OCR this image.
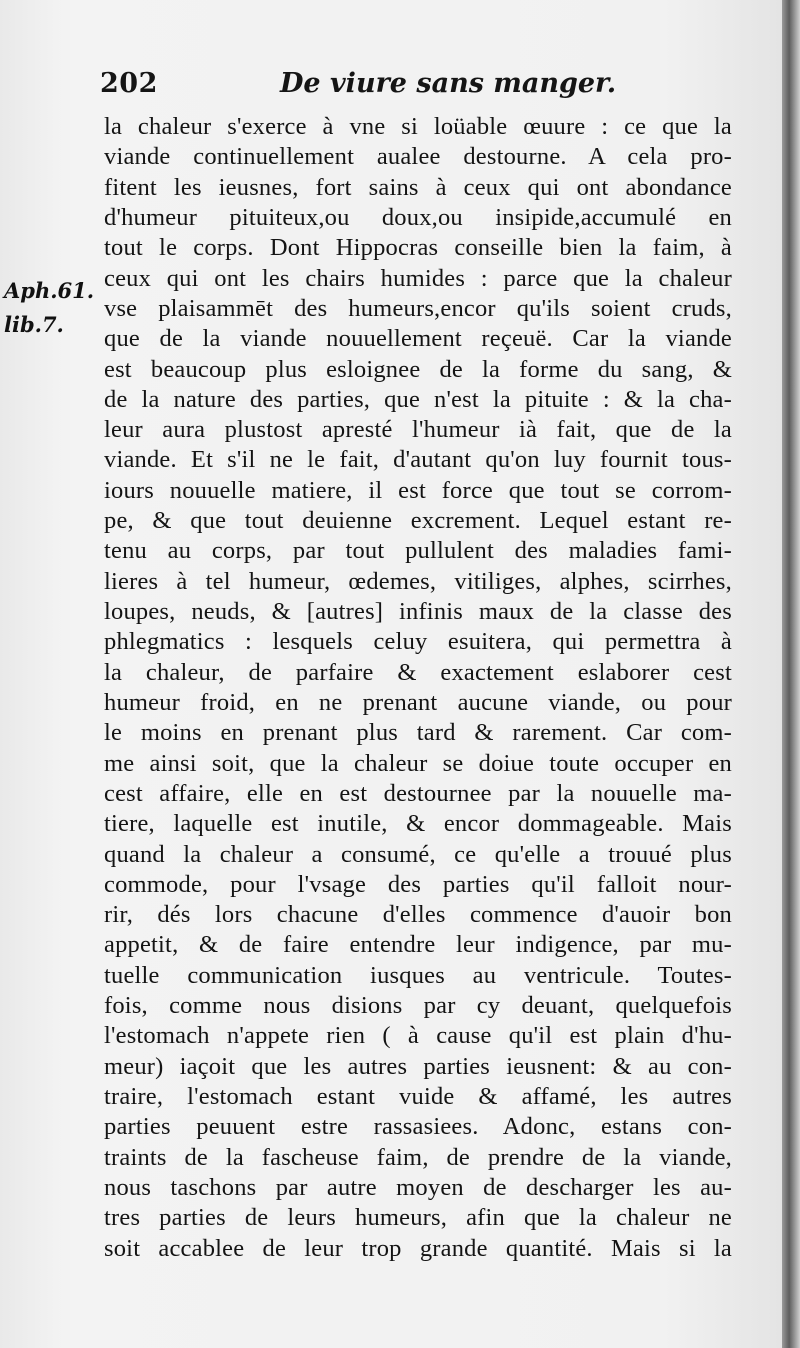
202	De viure sans manger.
Aph.61.
lib.7.
la chaleur s'exerce à vne si loüable œuure : ce que la
viande continuellement aualee destourne. A cela pro-
fitent les ieusnes, fort sains à ceux qui ont abondance
d'humeur pituiteux,ou doux,ou insipide,accumulé en
tout le corps. Dont Hippocras conseille bien la faim, à
ceux qui ont les chairs humides : parce que la chaleur
vse plaisammēt des humeurs,encor qu'ils soient cruds,
que de la viande nouuellement reçeuë. Car la viande
est beaucoup plus esloignee de la forme du sang, &
de la nature des parties, que n'est la pituite : & la cha-
leur aura plustost apresté l'humeur ià fait, que de la
viande. Et s'il ne le fait, d'autant qu'on luy fournit tous-
iours nouuelle matiere, il est force que tout se corrom-
pe, & que tout deuienne excrement. Lequel estant re-
tenu au corps, par tout pullulent des maladies fami-
lieres à tel humeur, œdemes, vitiliges, alphes, scirrhes,
loupes, neuds, & [autres] infinis maux de la classe des
phlegmatics : lesquels celuy esuitera, qui permettra à
la chaleur, de parfaire & exactement eslaborer cest
humeur froid, en ne prenant aucune viande, ou pour
le moins en prenant plus tard & rarement. Car com-
me ainsi soit, que la chaleur se doiue toute occuper en
cest affaire, elle en est destournee par la nouuelle ma-
tiere, laquelle est inutile, & encor dommageable. Mais
quand la chaleur a consumé, ce qu'elle a trouué plus
commode, pour l'vsage des parties qu'il falloit nour-
rir, dés lors chacune d'elles commence d'auoir bon
appetit, & de faire entendre leur indigence, par mu-
tuelle communication iusques au ventricule. Toutes-
fois, comme nous disions par cy deuant, quelquefois
l'estomach n'appete rien ( à cause qu'il est plain d'hu-
meur) iaçoit que les autres parties ieusnent: & au con-
traire, l'estomach estant vuide & affamé, les autres
parties peuuent estre rassasiees. Adonc, estans con-
traints de la fascheuse faim, de prendre de la viande,
nous taschons par autre moyen de descharger les au-
tres parties de leurs humeurs, afin que la chaleur ne
soit accablee de leur trop grande quantité. Mais si la
